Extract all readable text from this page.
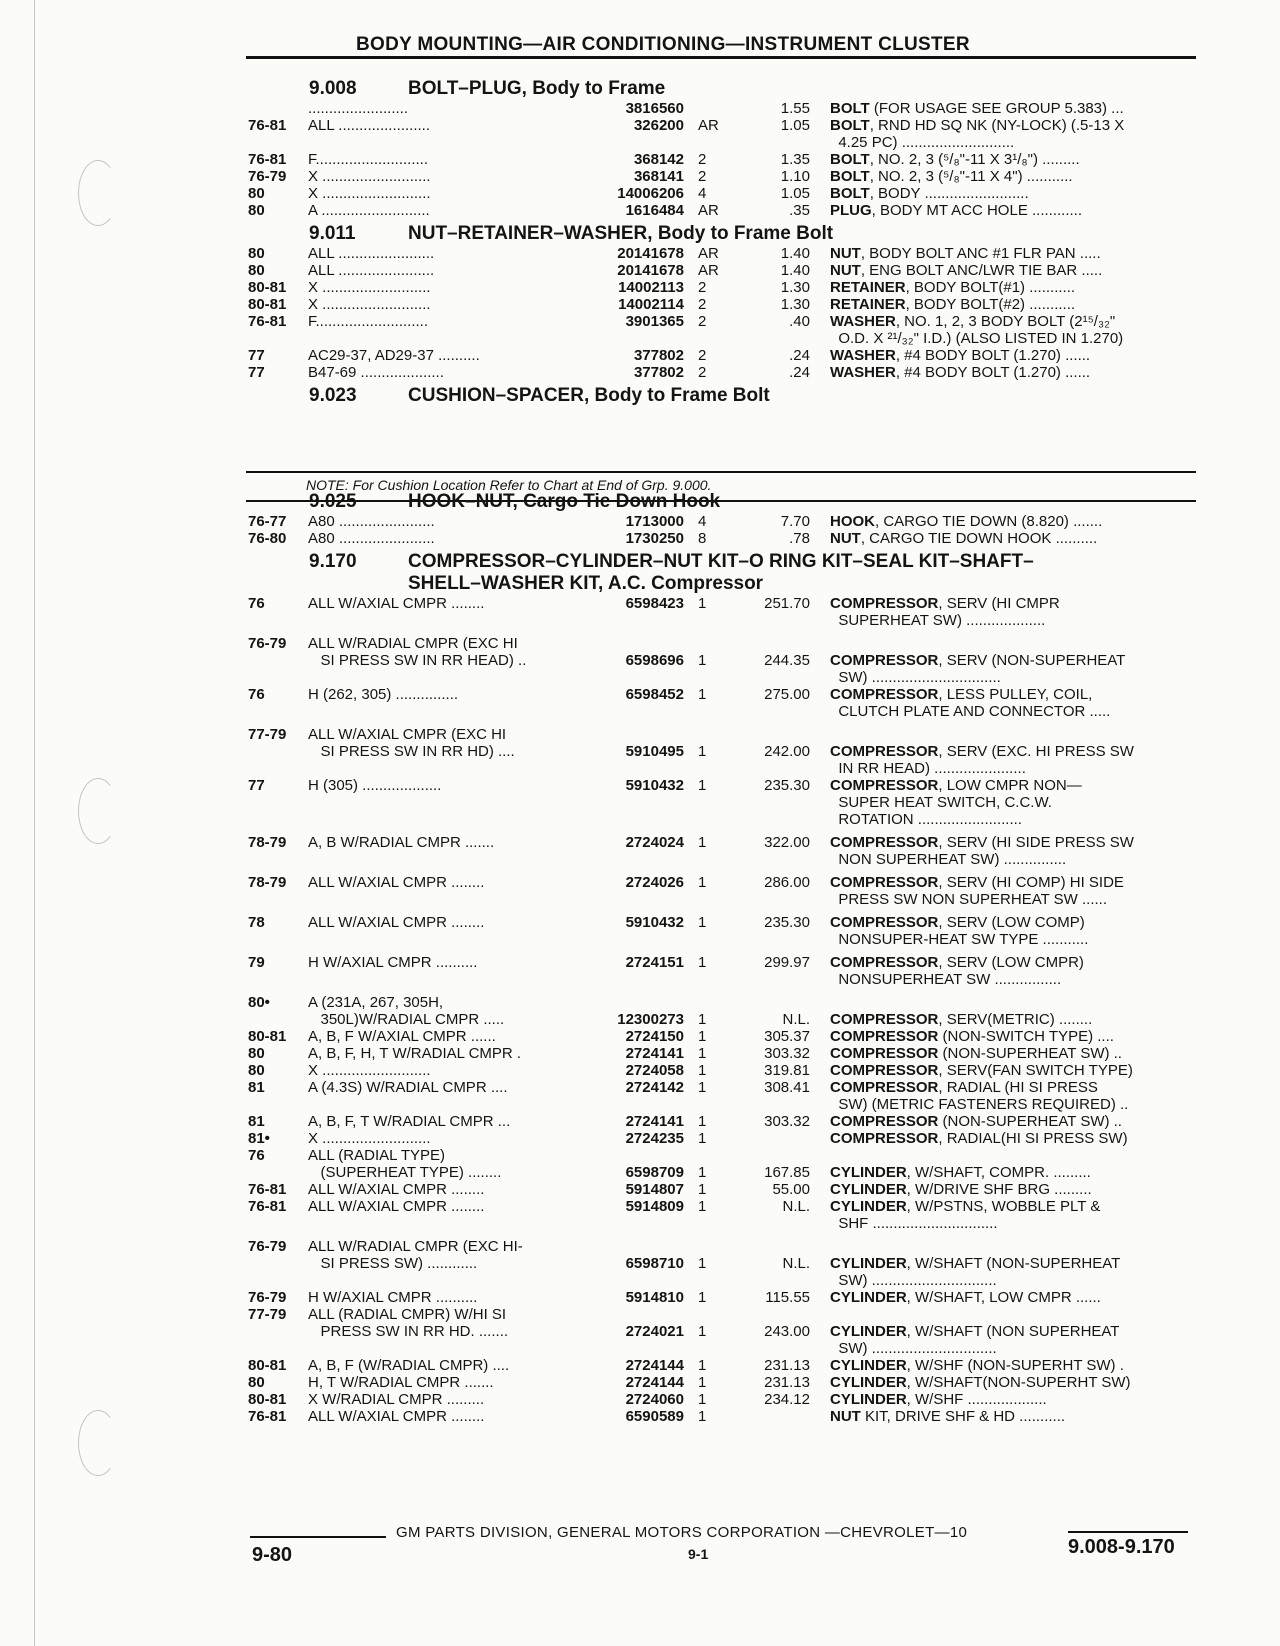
BODY MOUNTING—AIR CONDITIONING—INSTRUMENT CLUSTER
NOTE: For Cushion Location Refer to Chart at End of Grp. 9.000.
9.008	BOLT–PLUG, Body to Frame
........................	3816560	1.55 BOLT (FOR USAGE SEE GROUP 5.383) ...
76-81	ALL ......................	326200 AR	1.05 BOLT, RND HD SQ NK (NY-LOCK) (.5-13 X
4.25 PC) ...........................
76-81	F...........................	368142 2	1.35 BOLT, NO. 2, 3 (⁵/₈"-11 X 3¹/₈") .........
76-79	X ..........................	368141 2	1.10 BOLT, NO. 2, 3 (⁵/₈"-11 X 4") ...........
80	X ..........................	14006206 4	1.05 BOLT, BODY .........................
80	A ..........................	1616484 AR	.35 PLUG, BODY MT ACC HOLE ............
9.011	NUT–RETAINER–WASHER, Body to Frame Bolt
80	ALL .......................	20141678 AR	1.40 NUT, BODY BOLT ANC #1 FLR PAN .....
80	ALL .......................	20141678 AR	1.40 NUT, ENG BOLT ANC/LWR TIE BAR .....
80-81	X ..........................	14002113 2	1.30 RETAINER, BODY BOLT(#1) ...........
80-81	X ..........................	14002114 2	1.30 RETAINER, BODY BOLT(#2) ...........
76-81	F...........................	3901365 2	.40 WASHER, NO. 1, 2, 3 BODY BOLT (2¹⁵/₃₂"
O.D. X ²¹/₃₂" I.D.) (ALSO LISTED IN 1.270)
77	AC29-37, AD29-37 ..........	377802 2	.24 WASHER, #4 BODY BOLT (1.270) ......
77	B47-69 ....................	377802 2	.24 WASHER, #4 BODY BOLT (1.270) ......
9.023	CUSHION–SPACER, Body to Frame Bolt
9.025	HOOK–NUT, Cargo Tie Down Hook
76-77	A80 .......................	1713000 4	7.70 HOOK, CARGO TIE DOWN (8.820) .......
76-80	A80 .......................	1730250 8	.78 NUT, CARGO TIE DOWN HOOK ..........
9.170	COMPRESSOR–CYLINDER–NUT KIT–O RING KIT–SEAL KIT–SHAFT–
SHELL–WASHER KIT, A.C. Compressor
76	ALL W/AXIAL CMPR ........	6598423 1	251.70 COMPRESSOR, SERV (HI CMPR
SUPERHEAT SW) ...................
76-79	ALL W/RADIAL CMPR (EXC HI
SI PRESS SW IN RR HEAD) ..	6598696 1	244.35 COMPRESSOR, SERV (NON-SUPERHEAT
SW) ...............................
76	H (262, 305) ...............	6598452 1	275.00 COMPRESSOR, LESS PULLEY, COIL,
CLUTCH PLATE AND CONNECTOR .....
77-79	ALL W/AXIAL CMPR (EXC HI
SI PRESS SW IN RR HD) ....	5910495 1	242.00 COMPRESSOR, SERV (EXC. HI PRESS SW
IN RR HEAD) ......................
77	H (305) ...................	5910432 1	235.30 COMPRESSOR, LOW CMPR NON—
SUPER HEAT SWITCH, C.C.W.
ROTATION .........................
78-79	A, B W/RADIAL CMPR .......	2724024 1	322.00 COMPRESSOR, SERV (HI SIDE PRESS SW
NON SUPERHEAT SW) ...............
78-79	ALL W/AXIAL CMPR ........	2724026 1	286.00 COMPRESSOR, SERV (HI COMP) HI SIDE
PRESS SW NON SUPERHEAT SW ......
78	ALL W/AXIAL CMPR ........	5910432 1	235.30 COMPRESSOR, SERV (LOW COMP)
NONSUPER-HEAT SW TYPE ...........
79	H W/AXIAL CMPR ..........	2724151 1	299.97 COMPRESSOR, SERV (LOW CMPR)
NONSUPERHEAT SW ................
80•	A (231A, 267, 305H,
350L)W/RADIAL CMPR .....	12300273 1	N.L. COMPRESSOR, SERV(METRIC) ........
80-81	A, B, F W/AXIAL CMPR ......	2724150 1	305.37 COMPRESSOR (NON-SWITCH TYPE) ....
80	A, B, F, H, T W/RADIAL CMPR .	2724141 1	303.32 COMPRESSOR (NON-SUPERHEAT SW) ..
80	X ..........................	2724058 1	319.81 COMPRESSOR, SERV(FAN SWITCH TYPE)
81	A (4.3S) W/RADIAL CMPR ....	2724142 1	308.41 COMPRESSOR, RADIAL (HI SI PRESS
SW) (METRIC FASTENERS REQUIRED) ..
81	A, B, F, T W/RADIAL CMPR ...	2724141 1	303.32 COMPRESSOR (NON-SUPERHEAT SW) ..
81•	X ..........................	2724235 1	COMPRESSOR, RADIAL(HI SI PRESS SW)
76	ALL (RADIAL TYPE)
(SUPERHEAT TYPE) ........	6598709 1	167.85 CYLINDER, W/SHAFT, COMPR. .........
76-81	ALL W/AXIAL CMPR ........	5914807 1	55.00 CYLINDER, W/DRIVE SHF BRG .........
76-81	ALL W/AXIAL CMPR ........	5914809 1	N.L. CYLINDER, W/PSTNS, WOBBLE PLT &
SHF ..............................
76-79	ALL W/RADIAL CMPR (EXC HI-
SI PRESS SW) ............	6598710 1	N.L. CYLINDER, W/SHAFT (NON-SUPERHEAT
SW) ..............................
76-79	H W/AXIAL CMPR ..........	5914810 1	115.55 CYLINDER, W/SHAFT, LOW CMPR ......
77-79	ALL (RADIAL CMPR) W/HI SI
PRESS SW IN RR HD. .......	2724021 1	243.00 CYLINDER, W/SHAFT (NON SUPERHEAT
SW) ..............................
80-81	A, B, F (W/RADIAL CMPR) ....	2724144 1	231.13 CYLINDER, W/SHF (NON-SUPERHT SW) .
80	H, T W/RADIAL CMPR .......	2724144 1	231.13 CYLINDER, W/SHAFT(NON-SUPERHT SW)
80-81	X W/RADIAL CMPR .........	2724060 1	234.12 CYLINDER, W/SHF ...................
76-81	ALL W/AXIAL CMPR ........	6590589 1	NUT KIT, DRIVE SHF & HD ...........
GM PARTS DIVISION, GENERAL MOTORS CORPORATION —CHEVROLET—10
9-80	9-1	9.008-9.170
